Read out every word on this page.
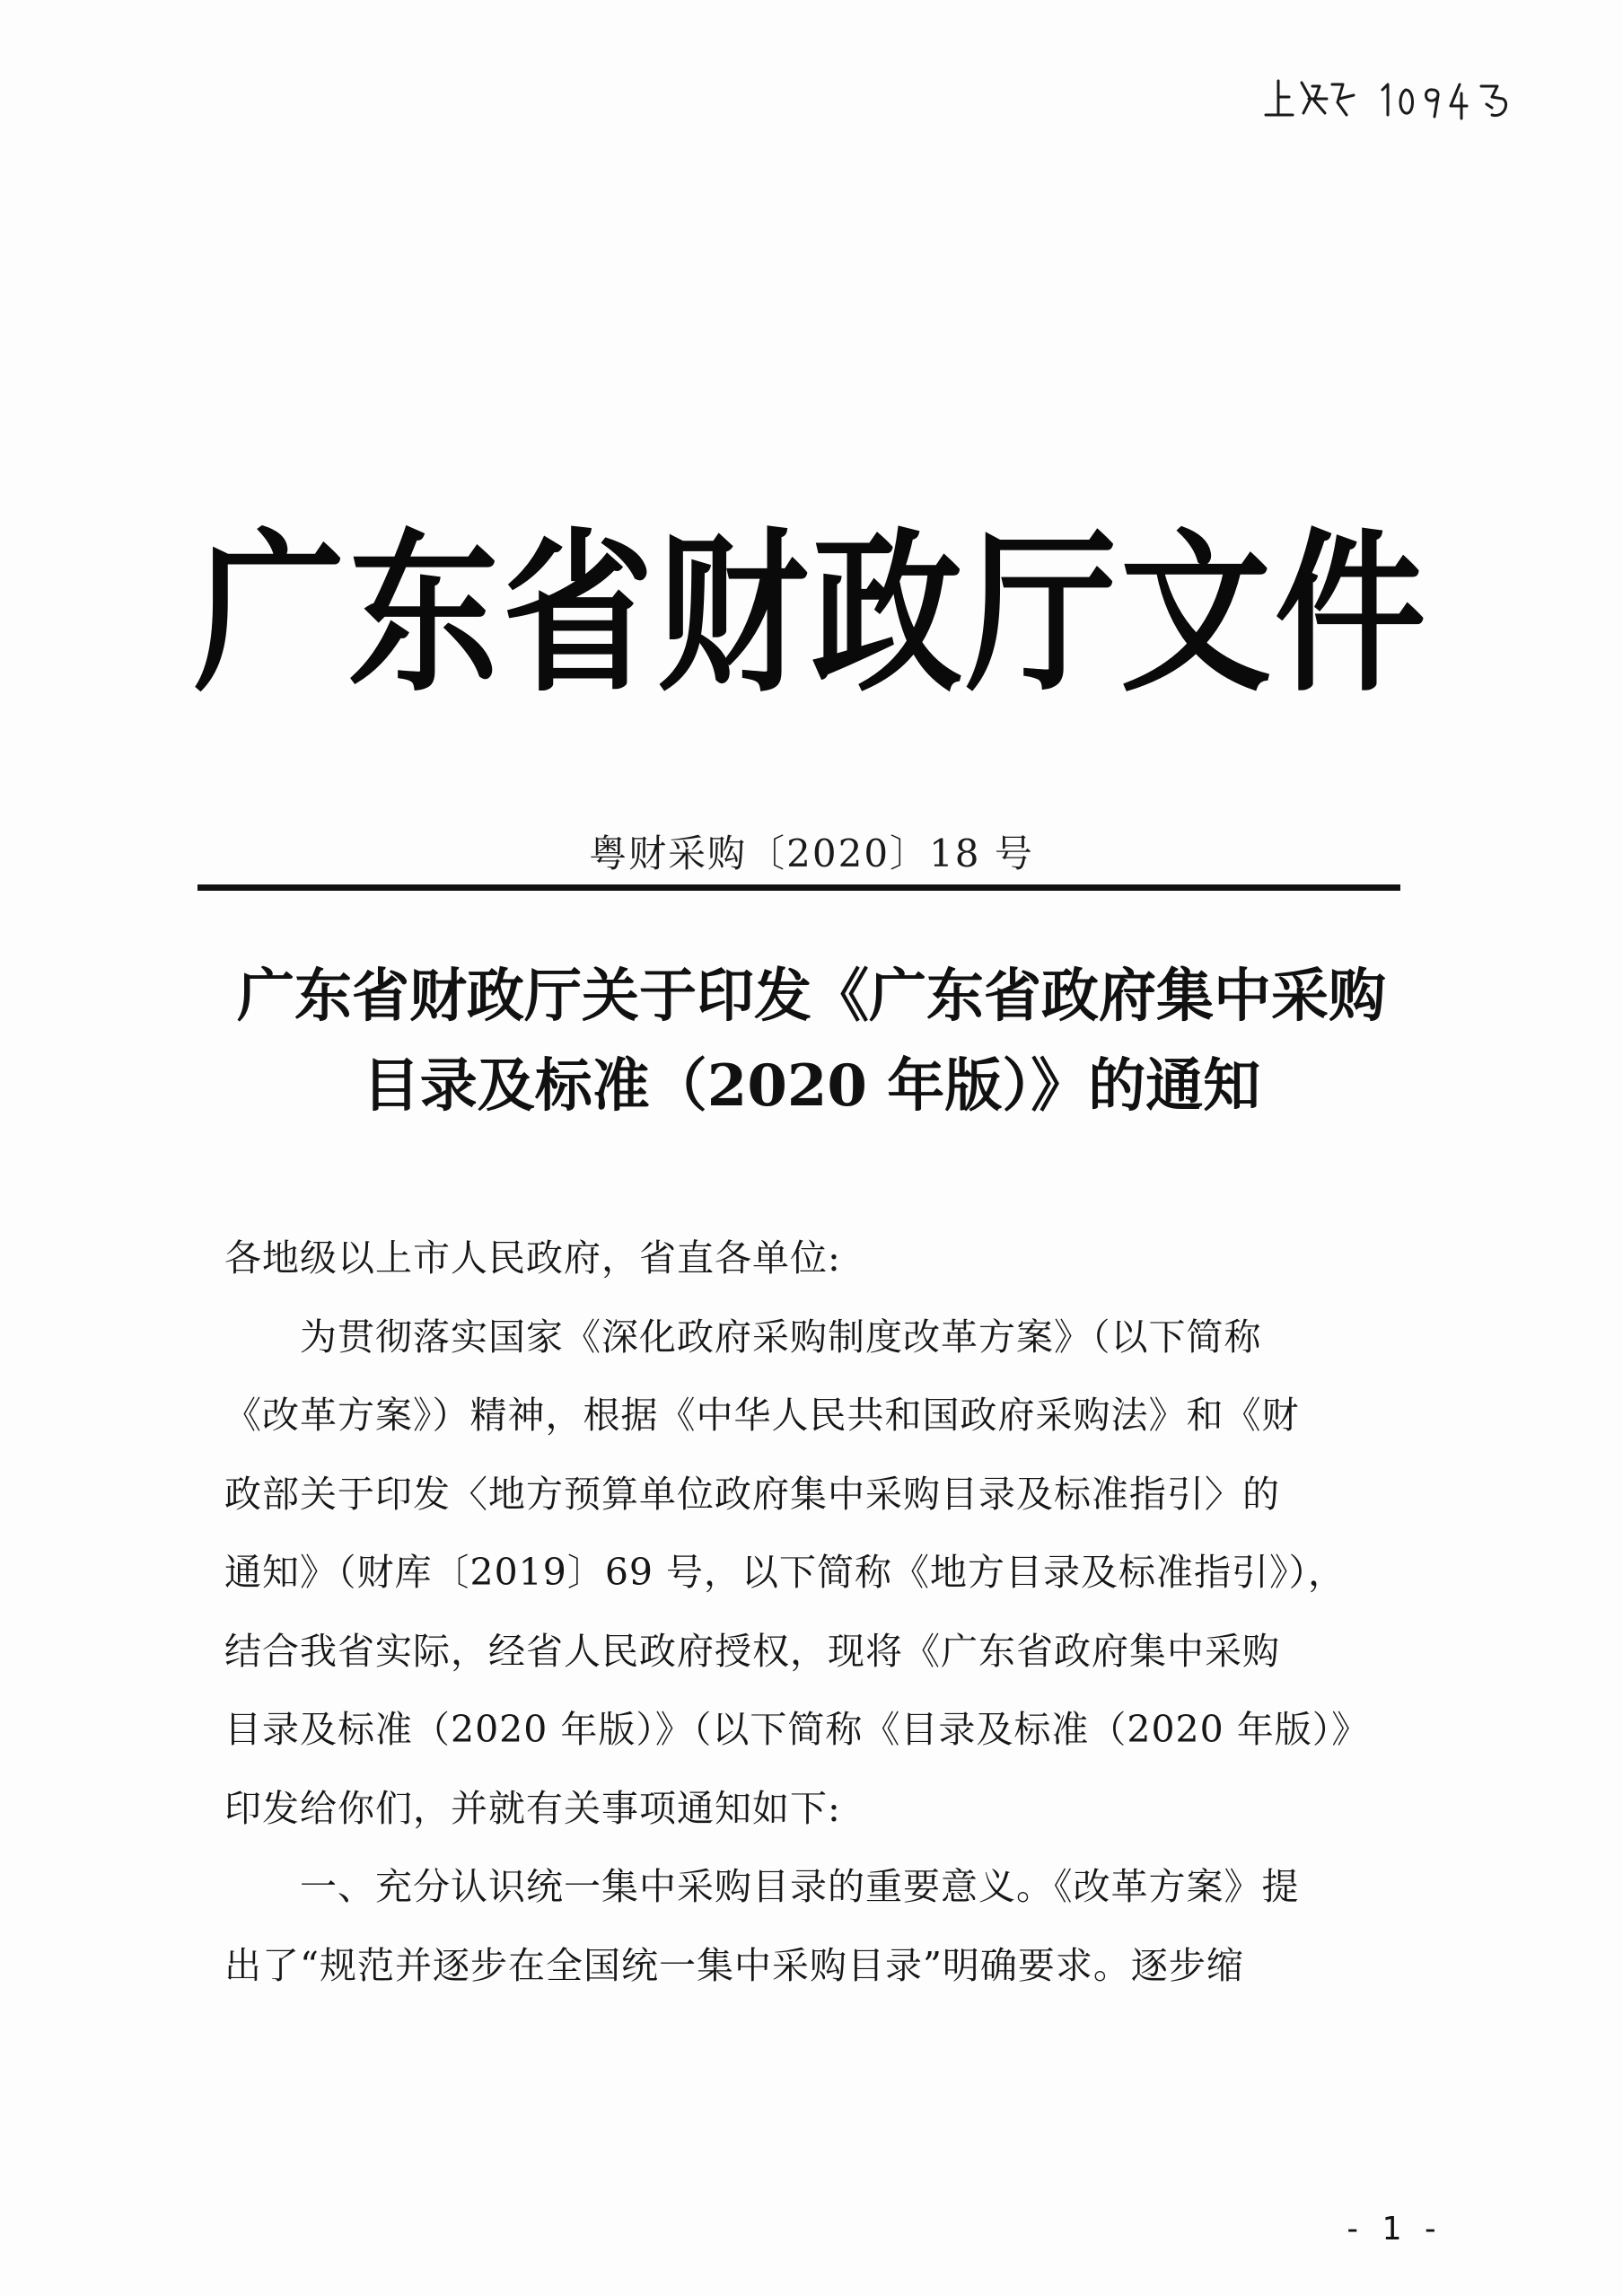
广东省财政厅文件
粤财采购〔2020〕18 号
广东省财政厅关于印发《广东省政府集中采购
目录及标准（2020 年版）》的通知
各地级以上市人民政府，省直各单位:
　　为贯彻落实国家《深化政府采购制度改革方案》（以下简称
《改革方案》）精神，根据《中华人民共和国政府采购法》和《财
政部关于印发〈地方预算单位政府集中采购目录及标准指引〉的
通知》（财库〔2019〕69 号，以下简称《地方目录及标准指引》），
结合我省实际，经省人民政府授权，现将《广东省政府集中采购
目录及标准（2020 年版）》（以下简称《目录及标准（2020 年版）》
印发给你们，并就有关事项通知如下:
　　一、充分认识统一集中采购目录的重要意义。《改革方案》提
出了“规范并逐步在全国统一集中采购目录”明确要求。逐步缩
- 1 -
